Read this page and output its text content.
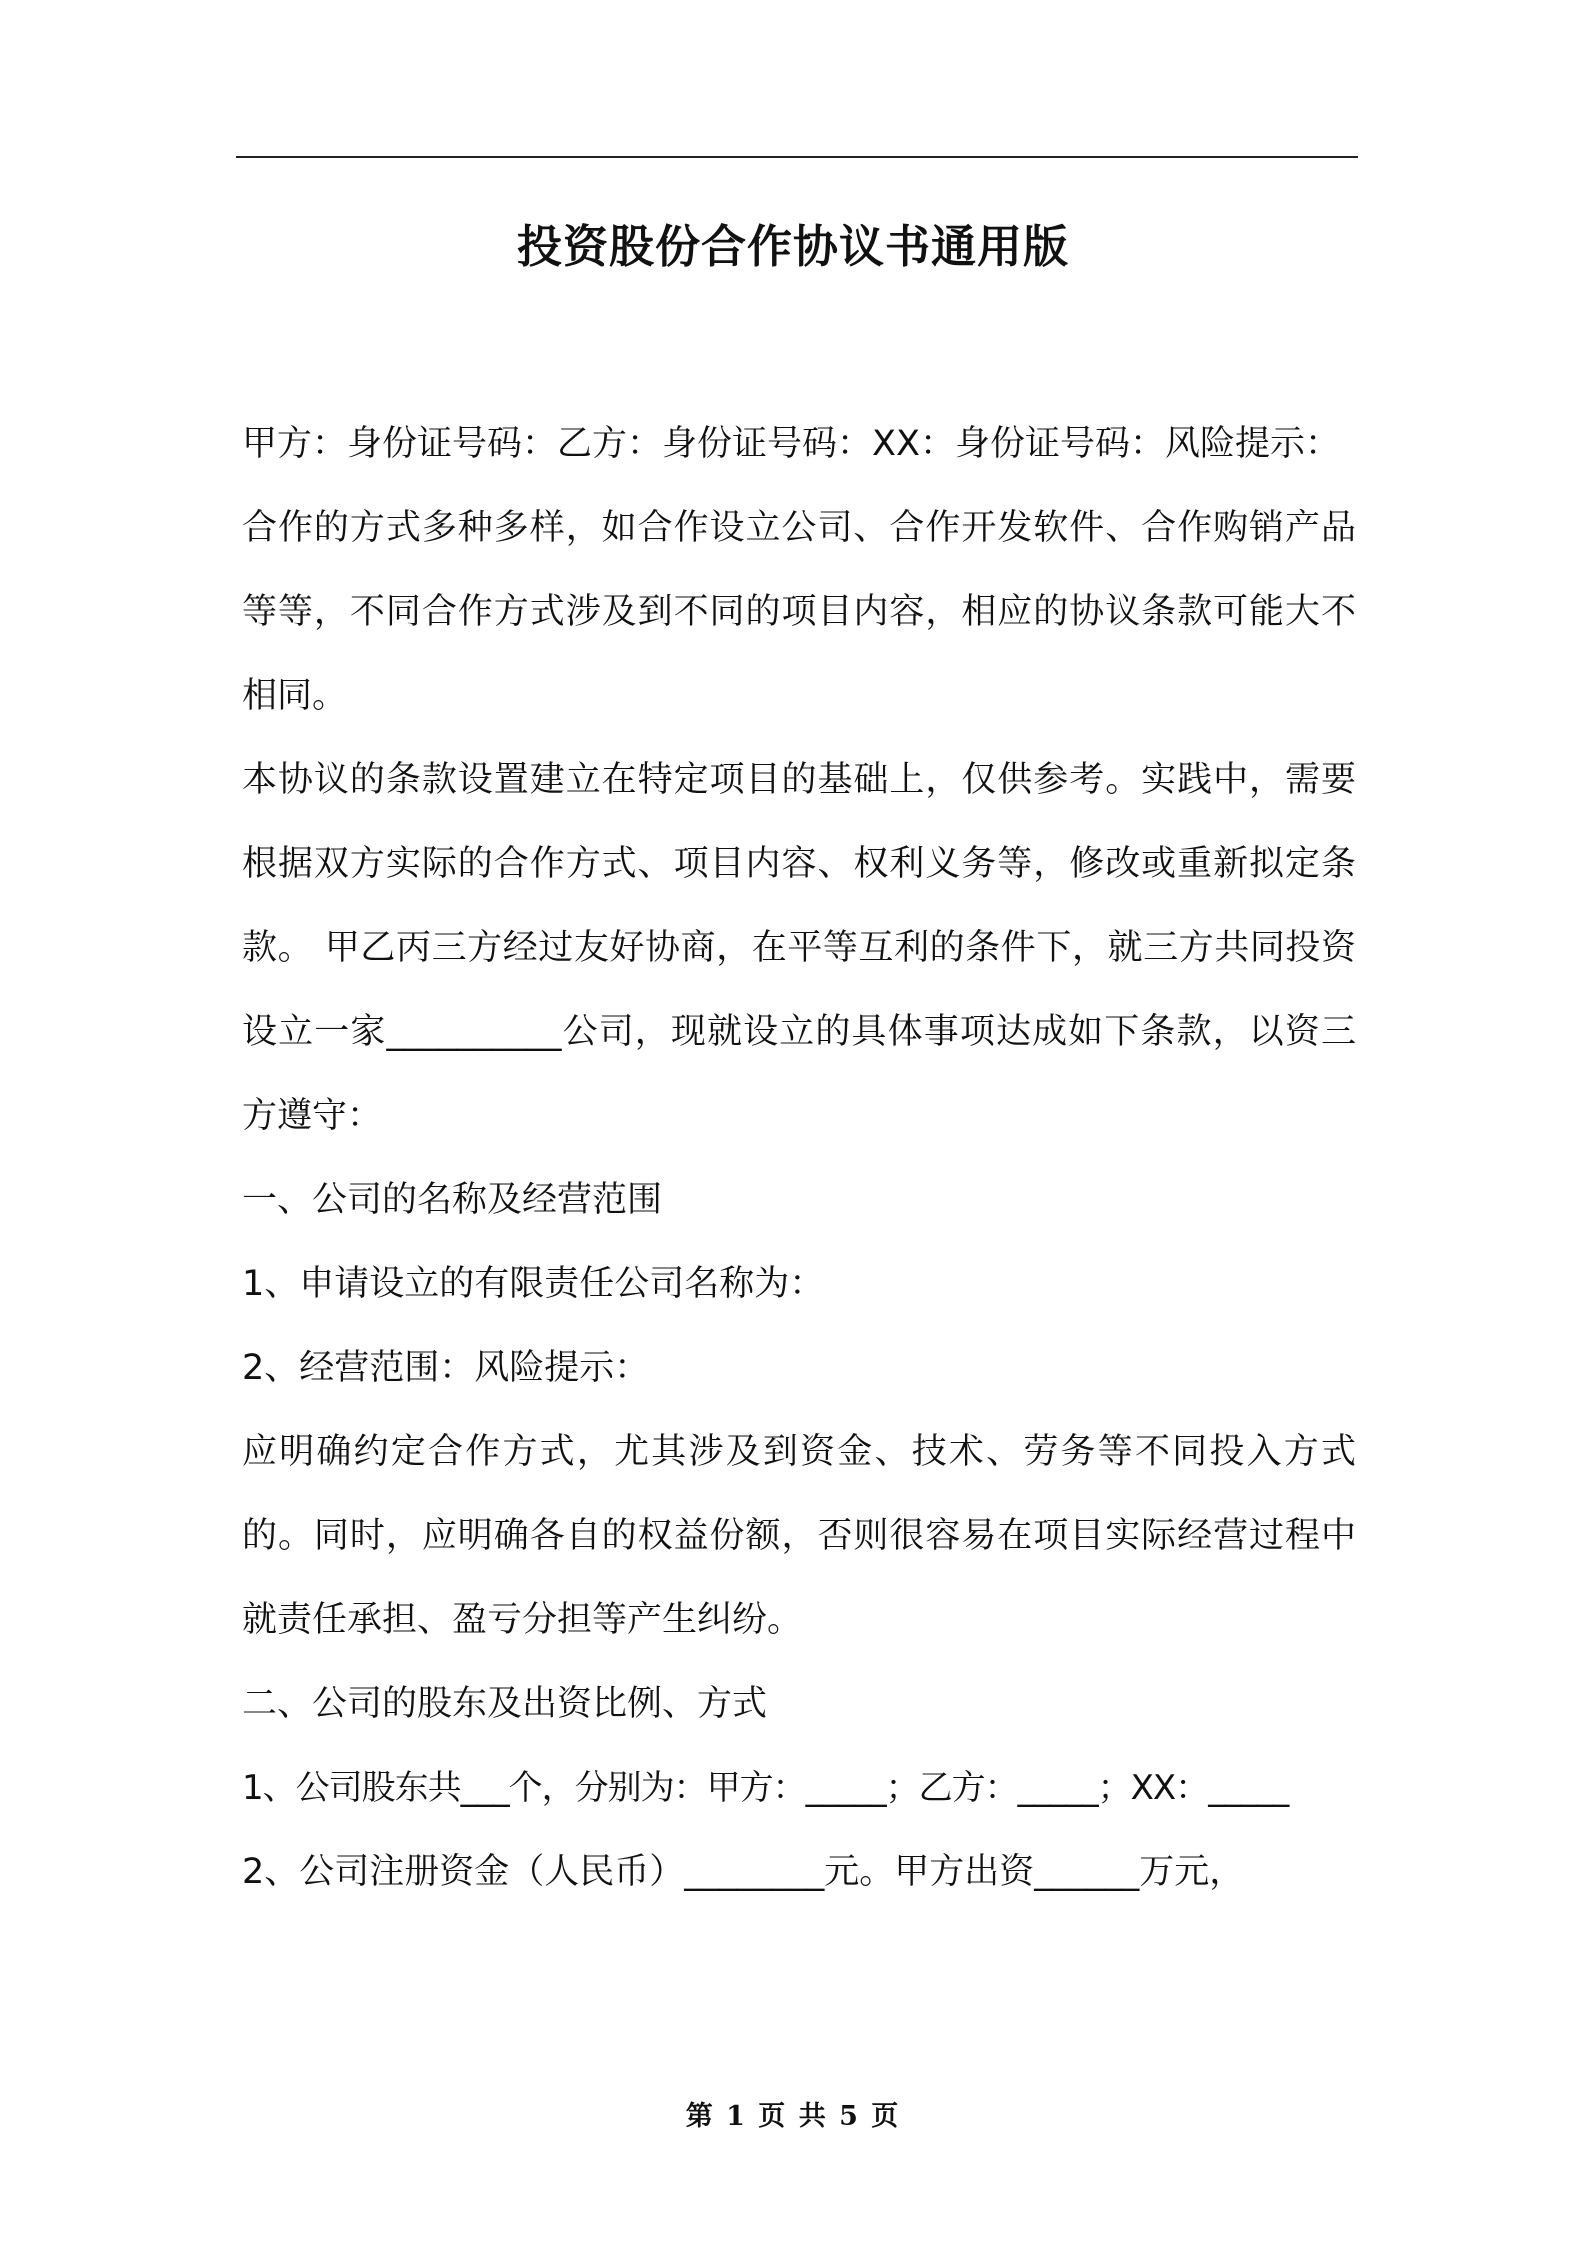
投资股份合作协议书通用版

甲方：身份证号码：乙方：身份证号码：XX：身份证号码：风险提示：

合作的方式多种多样，如合作设立公司、合作开发软件、合作购销产品等等，不同合作方式涉及到不同的项目内容，相应的协议条款可能大不相同。

本协议的条款设置建立在特定项目的基础上，仅供参考。实践中，需要根据双方实际的合作方式、项目内容、权利义务等，修改或重新拟定条款。 甲乙丙三方经过友好协商，在平等互利的条件下，就三方共同投资设立一家__________公司，现就设立的具体事项达成如下条款，以资三方遵守：

一、公司的名称及经营范围

1、申请设立的有限责任公司名称为：

2、经营范围：风险提示：

应明确约定合作方式，尤其涉及到资金、技术、劳务等不同投入方式的。同时，应明确各自的权益份额，否则很容易在项目实际经营过程中就责任承担、盈亏分担等产生纠纷。

二、公司的股东及出资比例、方式

1、公司股东共___个，分别为：甲方：_____；乙方：_____；XX：_____
2、公司注册资金（人民币）________元。甲方出资______万元，
第 1 页 共 5 页
